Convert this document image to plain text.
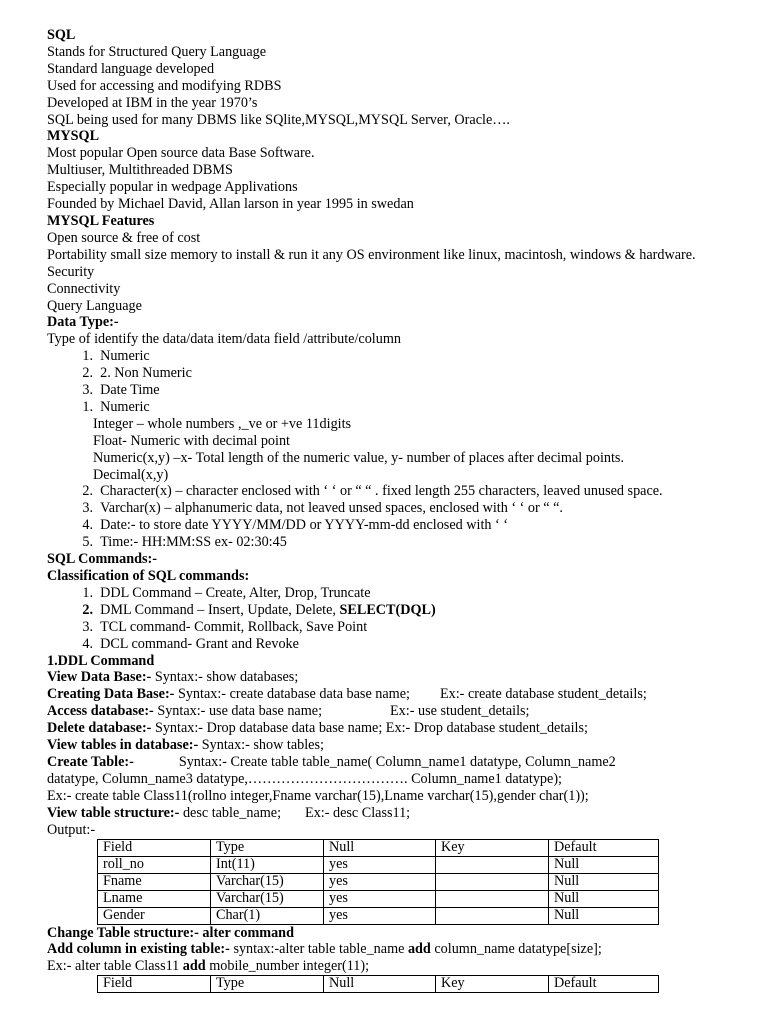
SQL
Stands for Structured Query Language
Standard language developed
Used for accessing and modifying RDBS
Developed at IBM in the year 1970’s
SQL being used for many DBMS like SQlite,MYSQL,MYSQL Server, Oracle….
MYSQL
Most popular Open source data Base Software.
Multiuser, Multithreaded DBMS
Especially popular in wedpage Applivations
Founded by Michael David, Allan larson in year 1995 in swedan
MYSQL Features
Open source & free of cost
Portability small size memory to install & run it any OS environment like linux, macintosh, windows & hardware.
Security
Connectivity
Query Language
Data Type:-
Type of identify the data/data item/data field /attribute/column
1.
Numeric
2.
2. Non Numeric
3.
Date Time
1.
Numeric
Integer – whole numbers ,_ve or +ve 11digits
Float- Numeric with decimal point
Numeric(x,y) –x- Total length of the numeric value, y- number of places after decimal points.
Decimal(x,y)
2.
Character(x) – character enclosed with ‘ ‘ or “ “ . fixed length 255 characters, leaved unused space.
3.
Varchar(x) – alphanumeric data, not leaved unsed spaces, enclosed with ‘ ‘ or “ “.
4.
Date:- to store date YYYY/MM/DD or YYYY-mm-dd enclosed with ‘ ‘
5.
Time:- HH:MM:SS ex- 02:30:45
SQL Commands:-
Classification of SQL commands:
1.
DDL Command – Create, Alter, Drop, Truncate
2.
DML Command – Insert, Update, Delete, SELECT(DQL)
3.
TCL command- Commit, Rollback, Save Point
4.
DCL command- Grant and Revoke
1.DDL Command
View Data Base:- Syntax:- show databases;
Creating Data Base:- Syntax:- create database data base name; Ex:- create database student_details;
Access database:- Syntax:- use data base name;	Ex:- use student_details;
Delete database:- Syntax:- Drop database data base name; Ex:- Drop database student_details;
View tables in database:- Syntax:- show tables;
Create Table:-	Syntax:- Create table table_name( Column_name1 datatype, Column_name2
datatype, Column_name3 datatype,……………………………. Column_name1 datatype);
Ex:- create table Class11(rollno integer,Fname varchar(15),Lname varchar(15),gender char(1));
View table structure:- desc table_name; Ex:- desc Class11;
Output:-
Field	Type	Null	Key	Default
roll_no	Int(11)	yes		Null
Fname	Varchar(15)	yes		Null
Lname	Varchar(15)	yes		Null
Gender	Char(1)	yes		Null
Change Table structure:- alter command
Add column in existing table:- syntax:-alter table table_name add column_name datatype[size];
Ex:- alter table Class11 add mobile_number integer(11);
Field	Type	Null	Key	Default
